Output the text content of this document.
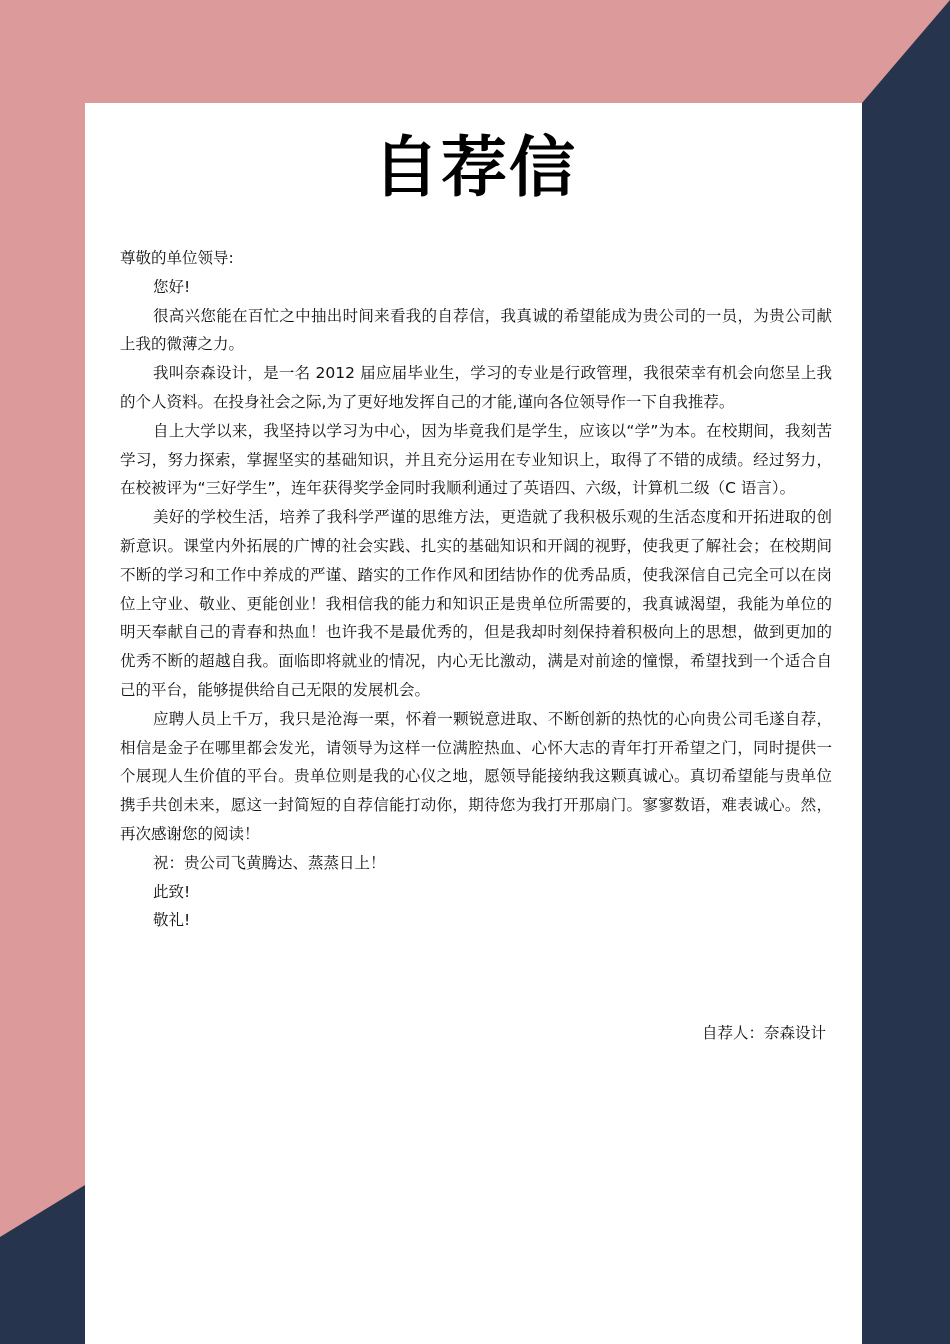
自荐信

尊敬的单位领导:

您好!

很高兴您能在百忙之中抽出时间来看我的自荐信，我真诚的希望能成为贵公司的一员，为贵公司献上我的微薄之力。

我叫奈森设计，是一名 2012 届应届毕业生，学习的专业是行政管理，我很荣幸有机会向您呈上我的个人资料。在投身社会之际,为了更好地发挥自己的才能,谨向各位领导作一下自我推荐。

自上大学以来，我坚持以学习为中心，因为毕竟我们是学生，应该以“学”为本。在校期间，我刻苦学习，努力探索，掌握坚实的基础知识，并且充分运用在专业知识上，取得了不错的成绩。经过努力，在校被评为“三好学生”，连年获得奖学金同时我顺利通过了英语四、六级，计算机二级（C 语言）。

美好的学校生活，培养了我科学严谨的思维方法，更造就了我积极乐观的生活态度和开拓进取的创新意识。课堂内外拓展的广博的社会实践、扎实的基础知识和开阔的视野，使我更了解社会；在校期间不断的学习和工作中养成的严谨、踏实的工作作风和团结协作的优秀品质，使我深信自己完全可以在岗位上守业、敬业、更能创业！我相信我的能力和知识正是贵单位所需要的，我真诚渴望，我能为单位的明天奉献自己的青春和热血！也许我不是最优秀的，但是我却时刻保持着积极向上的思想，做到更加的优秀不断的超越自我。面临即将就业的情况，内心无比激动，满是对前途的憧憬，希望找到一个适合自己的平台，能够提供给自己无限的发展机会。

应聘人员上千万，我只是沧海一栗，怀着一颗锐意进取、不断创新的热忱的心向贵公司毛遂自荐，相信是金子在哪里都会发光，请领导为这样一位满腔热血、心怀大志的青年打开希望之门，同时提供一个展现人生价值的平台。贵单位则是我的心仪之地，愿领导能接纳我这颗真诚心。真切希望能与贵单位携手共创未来，愿这一封简短的自荐信能打动你，期待您为我打开那扇门。寥寥数语，难表诚心。然，再次感谢您的阅读！

祝：贵公司飞黄腾达、蒸蒸日上！

此致!

敬礼!

自荐人：奈森设计
